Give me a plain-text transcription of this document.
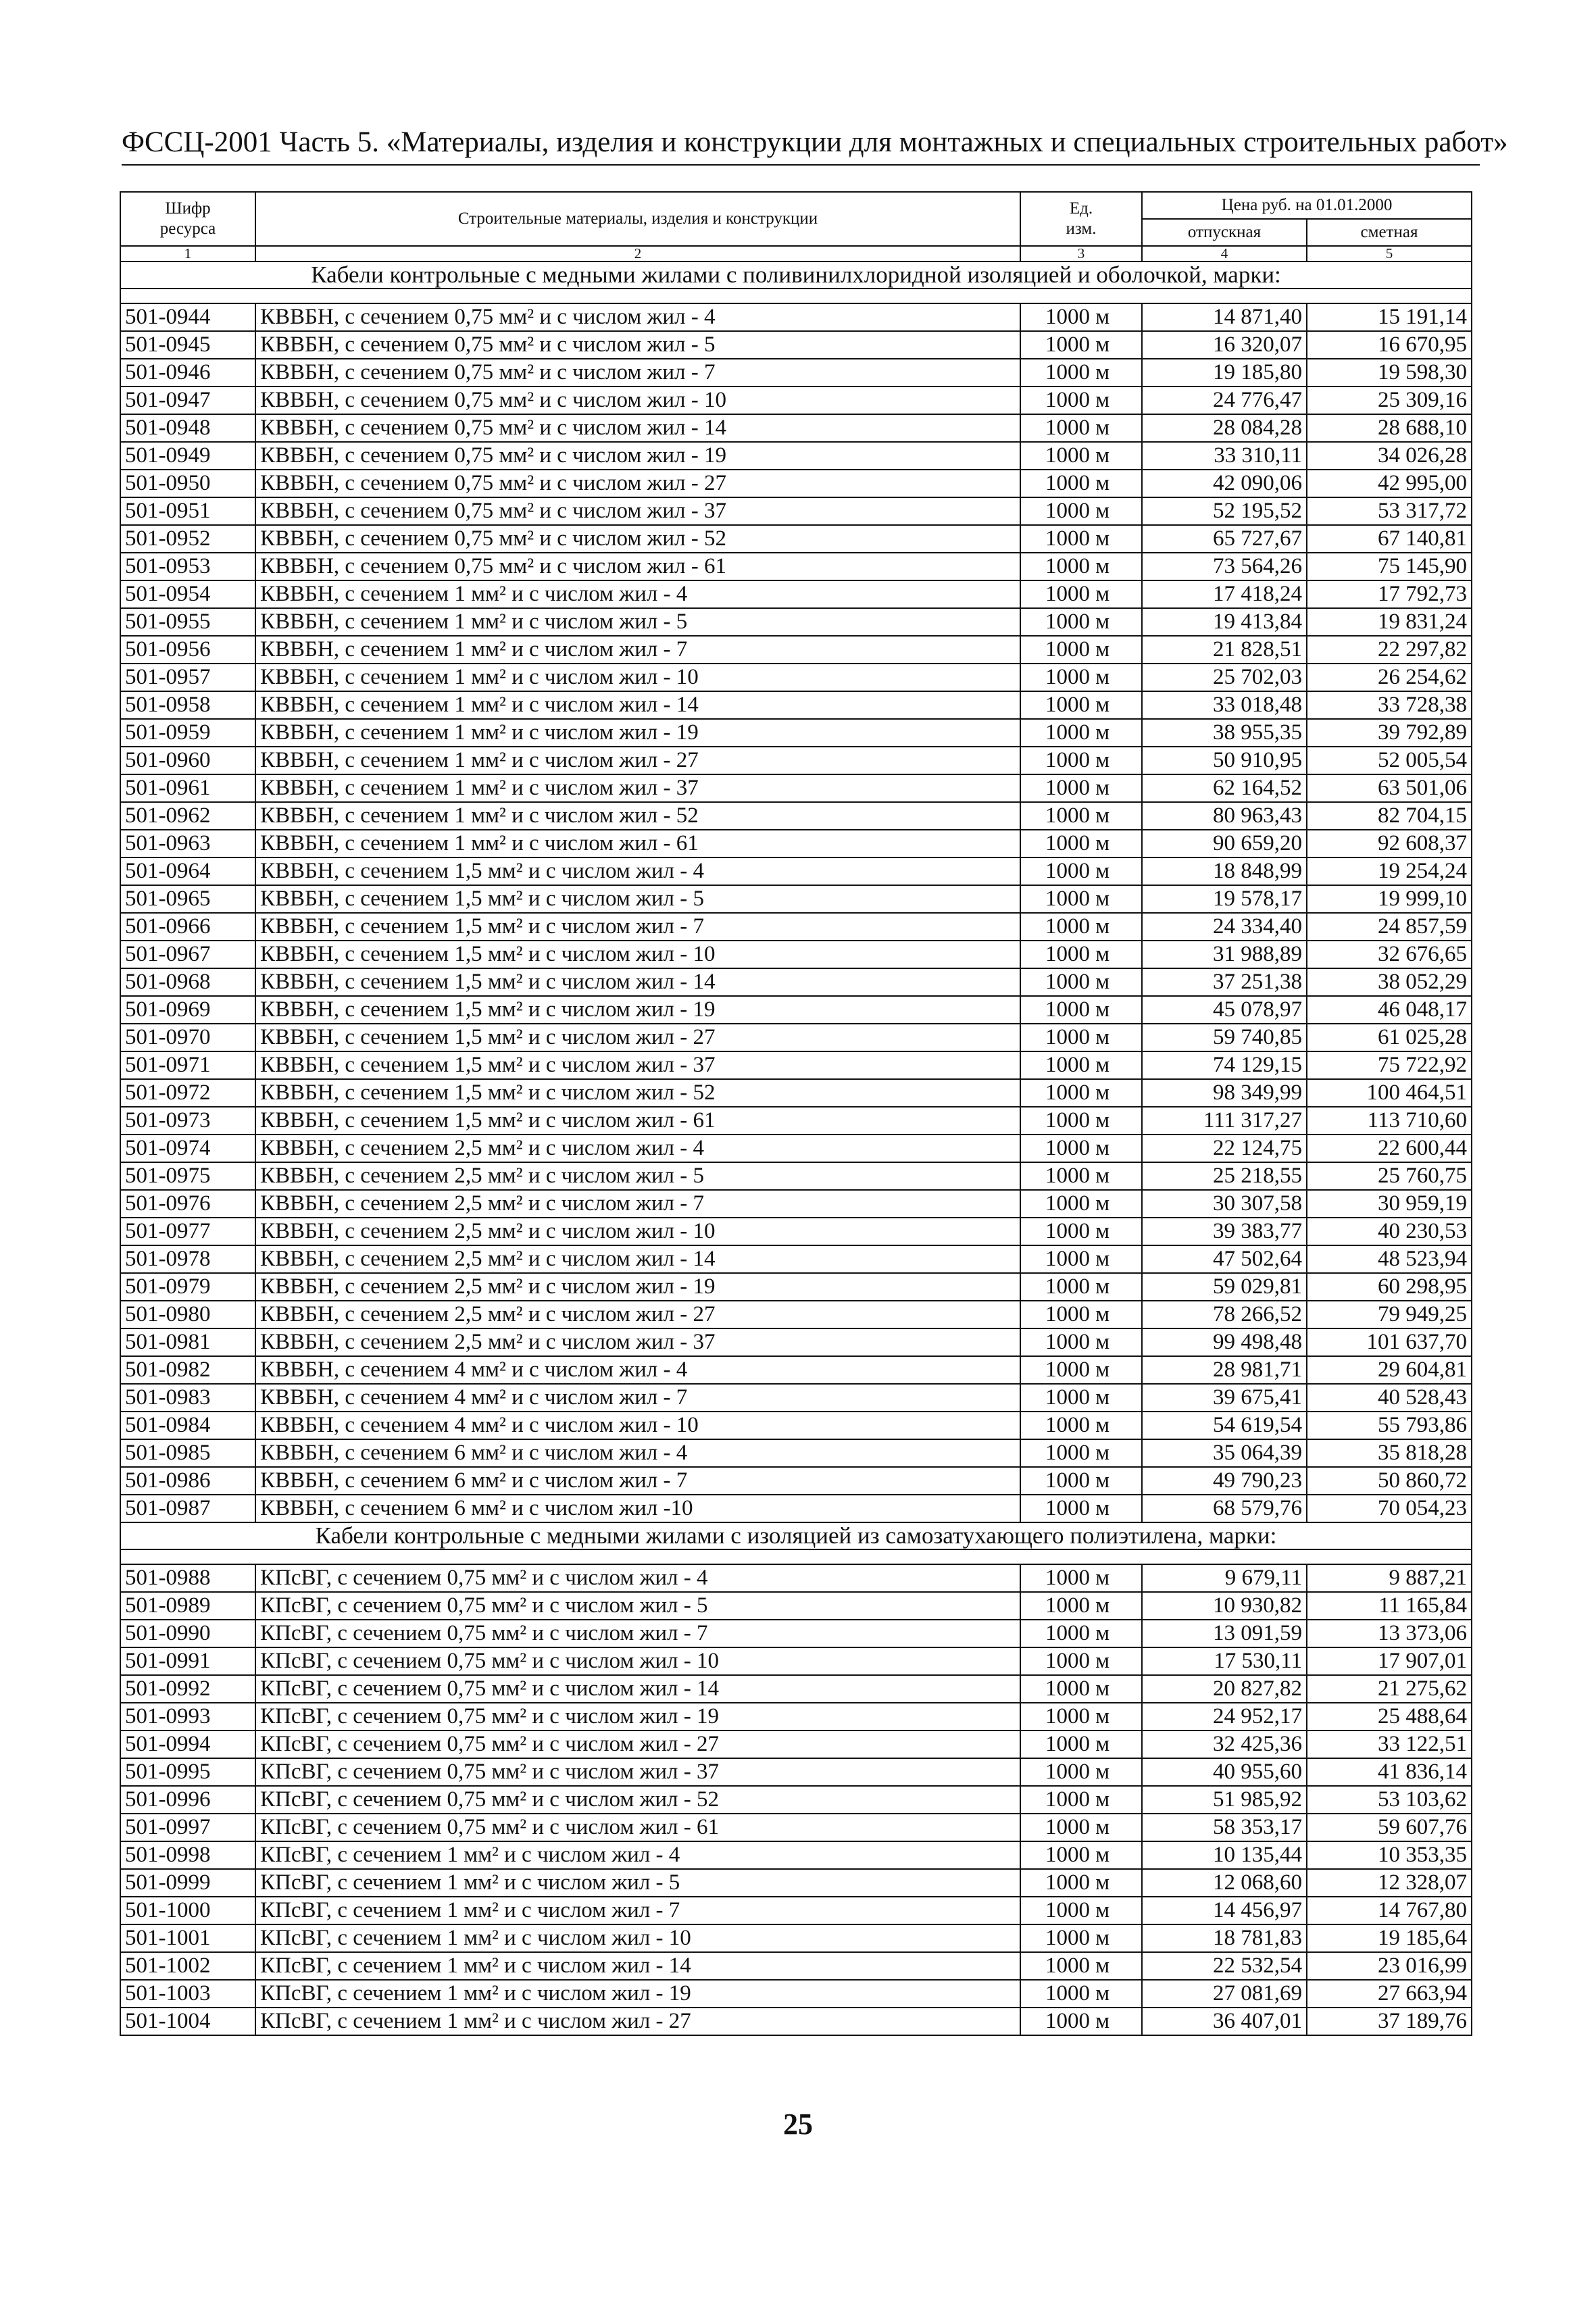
ФССЦ-2001 Часть 5. «Материалы, изделия и конструкции для монтажных и специальных строительных работ»
Шифр ресурса	Строительные материалы, изделия и конструкции	Ед. изм.	Цена руб. на 01.01.2000	
			отпускная	сметная
1	2	3	4	5
Кабели контрольные с медными жилами с поливинилхлоридной изоляцией и оболочкой, марки:				

501-0944	КВВБН, с сечением 0,75 мм² и с числом жил - 4	1000 м	14 871,40	15 191,14
501-0945	КВВБН, с сечением 0,75 мм² и с числом жил - 5	1000 м	16 320,07	16 670,95
501-0946	КВВБН, с сечением 0,75 мм² и с числом жил - 7	1000 м	19 185,80	19 598,30
501-0947	КВВБН, с сечением 0,75 мм² и с числом жил - 10	1000 м	24 776,47	25 309,16
501-0948	КВВБН, с сечением 0,75 мм² и с числом жил - 14	1000 м	28 084,28	28 688,10
501-0949	КВВБН, с сечением 0,75 мм² и с числом жил - 19	1000 м	33 310,11	34 026,28
501-0950	КВВБН, с сечением 0,75 мм² и с числом жил - 27	1000 м	42 090,06	42 995,00
501-0951	КВВБН, с сечением 0,75 мм² и с числом жил - 37	1000 м	52 195,52	53 317,72
501-0952	КВВБН, с сечением 0,75 мм² и с числом жил - 52	1000 м	65 727,67	67 140,81
501-0953	КВВБН, с сечением 0,75 мм² и с числом жил - 61	1000 м	73 564,26	75 145,90
501-0954	КВВБН, с сечением 1 мм² и с числом жил - 4	1000 м	17 418,24	17 792,73
501-0955	КВВБН, с сечением 1 мм² и с числом жил - 5	1000 м	19 413,84	19 831,24
501-0956	КВВБН, с сечением 1 мм² и с числом жил - 7	1000 м	21 828,51	22 297,82
501-0957	КВВБН, с сечением 1 мм² и с числом жил - 10	1000 м	25 702,03	26 254,62
501-0958	КВВБН, с сечением 1 мм² и с числом жил - 14	1000 м	33 018,48	33 728,38
501-0959	КВВБН, с сечением 1 мм² и с числом жил - 19	1000 м	38 955,35	39 792,89
501-0960	КВВБН, с сечением 1 мм² и с числом жил - 27	1000 м	50 910,95	52 005,54
501-0961	КВВБН, с сечением 1 мм² и с числом жил - 37	1000 м	62 164,52	63 501,06
501-0962	КВВБН, с сечением 1 мм² и с числом жил - 52	1000 м	80 963,43	82 704,15
501-0963	КВВБН, с сечением 1 мм² и с числом жил - 61	1000 м	90 659,20	92 608,37
501-0964	КВВБН, с сечением 1,5 мм² и с числом жил - 4	1000 м	18 848,99	19 254,24
501-0965	КВВБН, с сечением 1,5 мм² и с числом жил - 5	1000 м	19 578,17	19 999,10
501-0966	КВВБН, с сечением 1,5 мм² и с числом жил - 7	1000 м	24 334,40	24 857,59
501-0967	КВВБН, с сечением 1,5 мм² и с числом жил - 10	1000 м	31 988,89	32 676,65
501-0968	КВВБН, с сечением 1,5 мм² и с числом жил - 14	1000 м	37 251,38	38 052,29
501-0969	КВВБН, с сечением 1,5 мм² и с числом жил - 19	1000 м	45 078,97	46 048,17
501-0970	КВВБН, с сечением 1,5 мм² и с числом жил - 27	1000 м	59 740,85	61 025,28
501-0971	КВВБН, с сечением 1,5 мм² и с числом жил - 37	1000 м	74 129,15	75 722,92
501-0972	КВВБН, с сечением 1,5 мм² и с числом жил - 52	1000 м	98 349,99	100 464,51
501-0973	КВВБН, с сечением 1,5 мм² и с числом жил - 61	1000 м	111 317,27	113 710,60
501-0974	КВВБН, с сечением 2,5 мм² и с числом жил - 4	1000 м	22 124,75	22 600,44
501-0975	КВВБН, с сечением 2,5 мм² и с числом жил - 5	1000 м	25 218,55	25 760,75
501-0976	КВВБН, с сечением 2,5 мм² и с числом жил - 7	1000 м	30 307,58	30 959,19
501-0977	КВВБН, с сечением 2,5 мм² и с числом жил - 10	1000 м	39 383,77	40 230,53
501-0978	КВВБН, с сечением 2,5 мм² и с числом жил - 14	1000 м	47 502,64	48 523,94
501-0979	КВВБН, с сечением 2,5 мм² и с числом жил - 19	1000 м	59 029,81	60 298,95
501-0980	КВВБН, с сечением 2,5 мм² и с числом жил - 27	1000 м	78 266,52	79 949,25
501-0981	КВВБН, с сечением 2,5 мм² и с числом жил - 37	1000 м	99 498,48	101 637,70
501-0982	КВВБН, с сечением 4 мм² и с числом жил - 4	1000 м	28 981,71	29 604,81
501-0983	КВВБН, с сечением 4 мм² и с числом жил - 7	1000 м	39 675,41	40 528,43
501-0984	КВВБН, с сечением 4 мм² и с числом жил - 10	1000 м	54 619,54	55 793,86
501-0985	КВВБН, с сечением 6 мм² и с числом жил - 4	1000 м	35 064,39	35 818,28
501-0986	КВВБН, с сечением 6 мм² и с числом жил - 7	1000 м	49 790,23	50 860,72
501-0987	КВВБН, с сечением 6 мм² и с числом жил -10	1000 м	68 579,76	70 054,23
Кабели контрольные с медными жилами с изоляцией из самозатухающего полиэтилена, марки:				

501-0988	КПсВГ, с сечением 0,75 мм² и с числом жил - 4	1000 м	9 679,11	9 887,21
501-0989	КПсВГ, с сечением 0,75 мм² и с числом жил - 5	1000 м	10 930,82	11 165,84
501-0990	КПсВГ, с сечением 0,75 мм² и с числом жил - 7	1000 м	13 091,59	13 373,06
501-0991	КПсВГ, с сечением 0,75 мм² и с числом жил - 10	1000 м	17 530,11	17 907,01
501-0992	КПсВГ, с сечением 0,75 мм² и с числом жил - 14	1000 м	20 827,82	21 275,62
501-0993	КПсВГ, с сечением 0,75 мм² и с числом жил - 19	1000 м	24 952,17	25 488,64
501-0994	КПсВГ, с сечением 0,75 мм² и с числом жил - 27	1000 м	32 425,36	33 122,51
501-0995	КПсВГ, с сечением 0,75 мм² и с числом жил - 37	1000 м	40 955,60	41 836,14
501-0996	КПсВГ, с сечением 0,75 мм² и с числом жил - 52	1000 м	51 985,92	53 103,62
501-0997	КПсВГ, с сечением 0,75 мм² и с числом жил - 61	1000 м	58 353,17	59 607,76
501-0998	КПсВГ, с сечением 1 мм² и с числом жил - 4	1000 м	10 135,44	10 353,35
501-0999	КПсВГ, с сечением 1 мм² и с числом жил - 5	1000 м	12 068,60	12 328,07
501-1000	КПсВГ, с сечением 1 мм² и с числом жил - 7	1000 м	14 456,97	14 767,80
501-1001	КПсВГ, с сечением 1 мм² и с числом жил - 10	1000 м	18 781,83	19 185,64
501-1002	КПсВГ, с сечением 1 мм² и с числом жил - 14	1000 м	22 532,54	23 016,99
501-1003	КПсВГ, с сечением 1 мм² и с числом жил - 19	1000 м	27 081,69	27 663,94
501-1004	КПсВГ, с сечением 1 мм² и с числом жил - 27	1000 м	36 407,01	37 189,76
25
